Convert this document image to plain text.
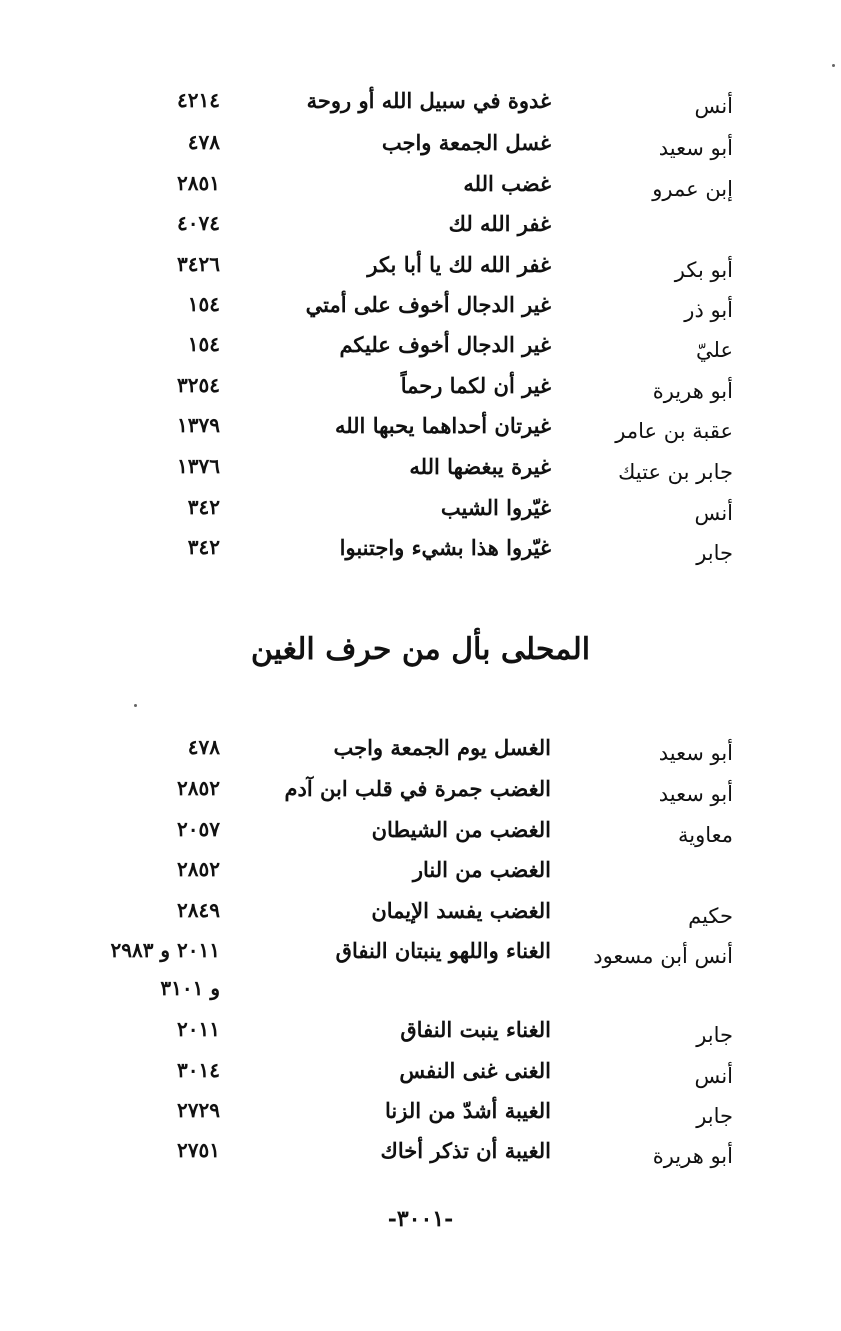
أنس
غدوة في سبيل الله أو روحة
٤٢١٤
أبو سعيد
غسل الجمعة واجب
٤٧٨
إبن عمرو
غضب الله
٢٨٥١
غفر الله لك
٤٠٧٤
أبو بكر
غفر الله لك يا أبا بكر
٣٤٢٦
أبو ذر
غير الدجال أخوف على أمتي
١٥٤
عليّ
غير الدجال أخوف عليكم
١٥٤
أبو هريرة
غير أن لكما رحماً
٣٢٥٤
عقبة بن عامر
غيرتان أحداهما يحبها الله
١٣٧٩
جابر بن عتيك
غيرة يبغضها الله
١٣٧٦
أنس
غيّروا الشيب
٣٤٢
جابر
غيّروا هذا بشيء واجتنبوا
٣٤٢
المحلى بأل من حرف الغين
أبو سعيد
الغسل يوم الجمعة واجب
٤٧٨
أبو سعيد
الغضب جمرة في قلب ابن آدم
٢٨٥٢
معاوية
الغضب من الشيطان
٢٠٥٧
الغضب من النار
٢٨٥٢
حكيم
الغضب يفسد الإيمان
٢٨٤٩
أنس أبن مسعود
الغناء واللهو ينبتان النفاق
٢٠١١ و ٢٩٨٣
و ٣١٠١
جابر
الغناء ينبت النفاق
٢٠١١
أنس
الغنى غنى النفس
٣٠١٤
جابر
الغيبة أشدّ من الزنا
٢٧٢٩
أبو هريرة
الغيبة أن تذكر أخاك
٢٧٥١
-٣٠٠١-
